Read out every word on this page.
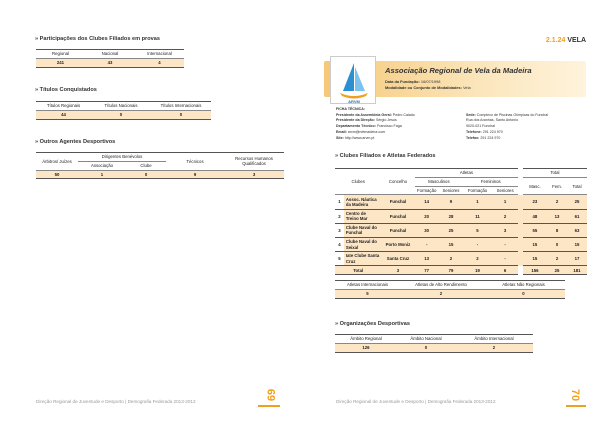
» Participações dos Clubes Filiados em provas
Regional	Nacional	Internacional
241	43	4
» Títulos Conquistados
Títulos Regionais	Títulos Nacionais	Títulos Internacionais
44	0	0
» Outros Agentes Desportivos
Árbitros/ Juízes	Dirigentes Benévolos		Técnicos	Recursos Humanos Qualificados
	Associação	Clube		
50	1	0	9	3
Direção Regional de Juventude e Desporto | Demografia Federada 2013-2012
69
2.1.24 VELA
ARVM
Associação Regional de Vela da Madeira
Data da Fundação: 16/07/1998
Modalidade ou Conjunto de Modalidades: Vela
FICHA TÉCNICA:
Presidente da Assembleia Geral: Pedro Calado
Presidente da Direção: Sérgio Jesus
Departamento Técnico: Francisco Faga
Email: arvm@netmadeira.com
Site: http://www.arvm.pt
Sede: Complexo de Piscinas Olímpicas do Funchal
Rua dos Aranhas, Santo António
9020-021 Funchal
Telefone: 291 224 970
Telefax: 291 224 970
» Clubes Filiados e Atletas Federados
Clubes		Concelho	Atletas					Total		
			Masculinos		Femininos			Masc.	Fem.	Total
			Formação	Seniores	Formação	Seniores				
1	Assoc. Náutica da Madeira	Funchal	14	9	1	1		23	2	25
2	Centro de Treino Mar	Funchal	20	28	11	2		48	13	61
3	Clube Naval do Funchal	Funchal	30	25	5	3		55	8	63
4	Clube Naval do Seixal	Porto Moniz	-	15	-	-		15	0	15
5	Iate Clube Santa Cruz	Santa Cruz	13	2	2	-		15	2	17
Total		3	77	79	19	6		156	25	181
Atletas Internacionais	Atletas de Alto Rendimento	Atletas Não Regionais
5	2	0
» Organizações Desportivas
Âmbito Regional	Âmbito Nacional	Âmbito Internacional
126	0	2
Direção Regional de Juventude e Desporto | Demografia Federada 2013-2012
70
